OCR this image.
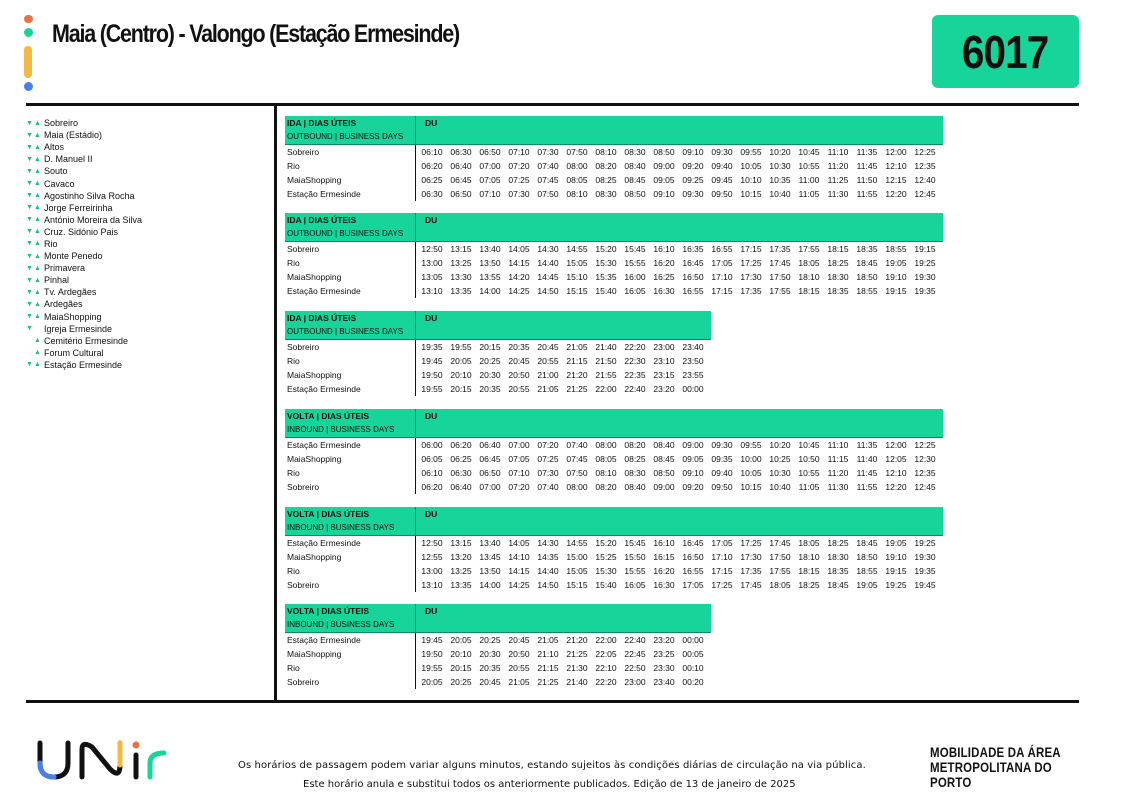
Maia (Centro) - Valongo (Estação Ermesinde)	6017
▼▲ Sobreiro
▼▲ Maia (Estádio)
▼▲ Altos
▼▲ D. Manuel II
▼▲ Souto
▼▲ Cavaco
▼▲ Agostinho Silva Rocha
▼▲ Jorge Ferreirinha
▼▲ António Moreira da Silva
▼▲ Cruz. Sidónio Pais
▼▲ Rio
▼▲ Monte Penedo
▼▲ Primavera
▼▲ Pinhal
▼▲ Tv. Ardegães
▼▲ Ardegães
▼▲ MaiaShopping
▼	Igreja Ermesinde
▲ Cemitério Ermesinde
▲ Forum Cultural
▼▲ Estação Ermesinde
IDA | DIAS ÚTEIS
OUTBOUND | BUSINESS DAYS
DU
Sobreiro	06:10 06:30 06:50 07:10 07:30 07:50 08:10 08:30 08:50 09:10 09:30 09:55 10:20 10:45 11:10 11:35 12:00 12:25
Rio	06:20 06:40 07:00 07:20 07:40 08:00 08:20 08:40 09:00 09:20 09:40 10:05 10:30 10:55 11:20 11:45 12:10 12:35
MaiaShopping	06:25 06:45 07:05 07:25 07:45 08:05 08:25 08:45 09:05 09:25 09:45 10:10 10:35 11:00 11:25 11:50 12:15 12:40
Estação Ermesinde	06:30 06:50 07:10 07:30 07:50 08:10 08:30 08:50 09:10 09:30 09:50 10:15 10:40 11:05 11:30 11:55 12:20 12:45
IDA | DIAS ÚTEIS
OUTBOUND | BUSINESS DAYS
DU
Sobreiro	12:50 13:15 13:40 14:05 14:30 14:55 15:20 15:45 16:10 16:35 16:55 17:15 17:35 17:55 18:15 18:35 18:55 19:15
Rio	13:00 13:25 13:50 14:15 14:40 15:05 15:30 15:55 16:20 16:45 17:05 17:25 17:45 18:05 18:25 18:45 19:05 19:25
MaiaShopping	13:05 13:30 13:55 14:20 14:45 15:10 15:35 16:00 16:25 16:50 17:10 17:30 17:50 18:10 18:30 18:50 19:10 19:30
Estação Ermesinde	13:10 13:35 14:00 14:25 14:50 15:15 15:40 16:05 16:30 16:55 17:15 17:35 17:55 18:15 18:35 18:55 19:15 19:35
IDA | DIAS ÚTEIS
OUTBOUND | BUSINESS DAYS
DU
Sobreiro	19:35 19:55 20:15 20:35 20:45 21:05 21:40 22:20 23:00 23:40
Rio	19:45 20:05 20:25 20:45 20:55 21:15 21:50 22:30 23:10 23:50
MaiaShopping	19:50 20:10 20:30 20:50 21:00 21:20 21:55 22:35 23:15 23:55
Estação Ermesinde	19:55 20:15 20:35 20:55 21:05 21:25 22:00 22:40 23:20 00:00
VOLTA | DIAS ÚTEIS
INBOUND | BUSINESS DAYS
DU
Estação Ermesinde	06:00 06:20 06:40 07:00 07:20 07:40 08:00 08:20 08:40 09:00 09:30 09:55 10:20 10:45 11:10 11:35 12:00 12:25
MaiaShopping	06:05 06:25 06:45 07:05 07:25 07:45 08:05 08:25 08:45 09:05 09:35 10:00 10:25 10:50 11:15 11:40 12:05 12:30
Rio	06:10 06:30 06:50 07:10 07:30 07:50 08:10 08:30 08:50 09:10 09:40 10:05 10:30 10:55 11:20 11:45 12:10 12:35
Sobreiro	06:20 06:40 07:00 07:20 07:40 08:00 08:20 08:40 09:00 09:20 09:50 10:15 10:40 11:05 11:30 11:55 12:20 12:45
VOLTA | DIAS ÚTEIS
INBOUND | BUSINESS DAYS
DU
Estação Ermesinde	12:50 13:15 13:40 14:05 14:30 14:55 15:20 15:45 16:10 16:45 17:05 17:25 17:45 18:05 18:25 18:45 19:05 19:25
MaiaShopping	12:55 13:20 13:45 14:10 14:35 15:00 15:25 15:50 16:15 16:50 17:10 17:30 17:50 18:10 18:30 18:50 19:10 19:30
Rio	13:00 13:25 13:50 14:15 14:40 15:05 15:30 15:55 16:20 16:55 17:15 17:35 17:55 18:15 18:35 18:55 19:15 19:35
Sobreiro	13:10 13:35 14:00 14:25 14:50 15:15 15:40 16:05 16:30 17:05 17:25 17:45 18:05 18:25 18:45 19:05 19:25 19:45
VOLTA | DIAS ÚTEIS
INBOUND | BUSINESS DAYS
DU
Estação Ermesinde	19:45 20:05 20:25 20:45 21:05 21:20 22:00 22:40 23:20 00:00
MaiaShopping	19:50 20:10 20:30 20:50 21:10 21:25 22:05 22:45 23:25 00:05
Rio	19:55 20:15 20:35 20:55 21:15 21:30 22:10 22:50 23:30 00:10
Sobreiro	20:05 20:25 20:45 21:05 21:25 21:40 22:20 23:00 23:40 00:20
Os horários de passagem podem variar alguns minutos, estando sujeitos às condições diárias de circulação na via pública.
Este horário anula e substitui todos os anteriormente publicados. Edição de 13 de janeiro de 2025
MOBILIDADE DA ÁREA
METROPOLITANA DO PORTO
